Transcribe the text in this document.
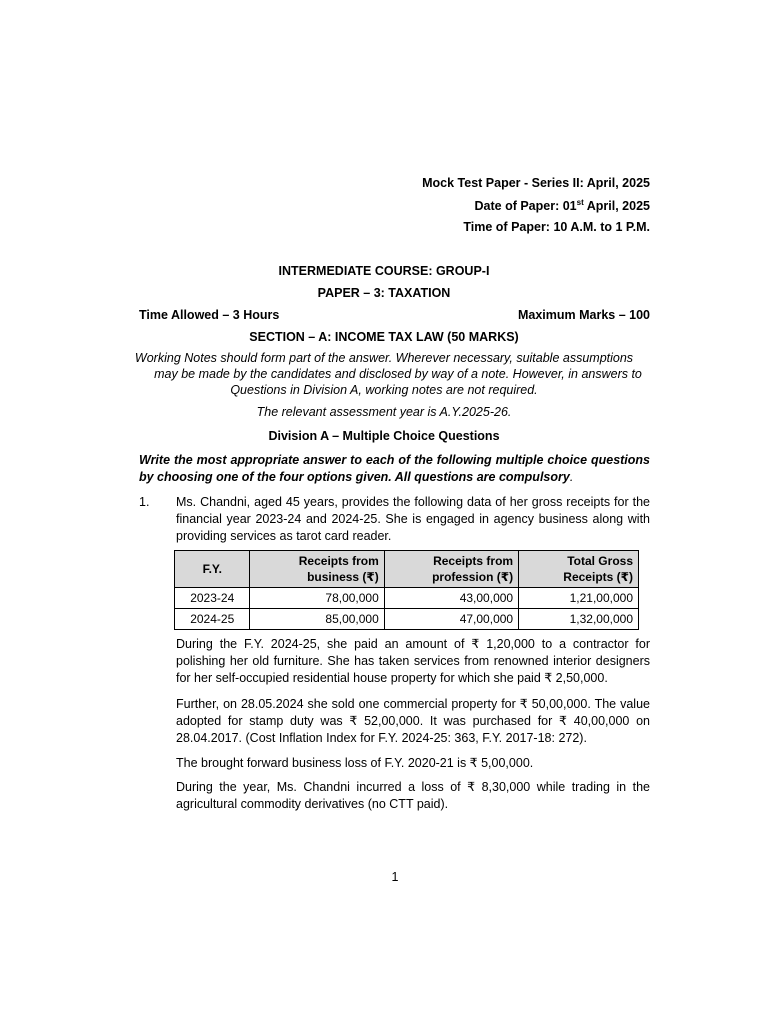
Mock Test Paper - Series II: April, 2025
Date of Paper: 01st April, 2025
Time of Paper: 10 A.M. to 1 P.M.
INTERMEDIATE COURSE: GROUP-I
PAPER – 3: TAXATION
Time Allowed – 3 Hours	Maximum Marks – 100
SECTION – A: INCOME TAX LAW (50 MARKS)
Working Notes should form part of the answer. Wherever necessary, suitable assumptions
may be made by the candidates and disclosed by way of a note. However, in answers to
Questions in Division A, working notes are not required.
The relevant assessment year is A.Y.2025-26.
Division A – Multiple Choice Questions
Write the most appropriate answer to each of the following multiple choice questions by choosing one of the four options given. All questions are compulsory.
1. Ms. Chandni, aged 45 years, provides the following data of her gross receipts for the financial year 2023-24 and 2024-25. She is engaged in agency business along with providing services as tarot card reader.
F.Y.	Receipts from business (₹)	Receipts from profession (₹)	Total Gross Receipts (₹)
2023-24	78,00,000	43,00,000	1,21,00,000
2024-25	85,00,000	47,00,000	1,32,00,000
During the F.Y. 2024-25, she paid an amount of ₹ 1,20,000 to a contractor for polishing her old furniture. She has taken services from renowned interior designers for her self-occupied residential house property for which she paid ₹ 2,50,000.
Further, on 28.05.2024 she sold one commercial property for ₹ 50,00,000. The value adopted for stamp duty was ₹ 52,00,000. It was purchased for ₹ 40,00,000 on 28.04.2017. (Cost Inflation Index for F.Y. 2024-25: 363, F.Y. 2017-18: 272).
The brought forward business loss of F.Y. 2020-21 is ₹ 5,00,000.
During the year, Ms. Chandni incurred a loss of ₹ 8,30,000 while trading in the agricultural commodity derivatives (no CTT paid).
1
